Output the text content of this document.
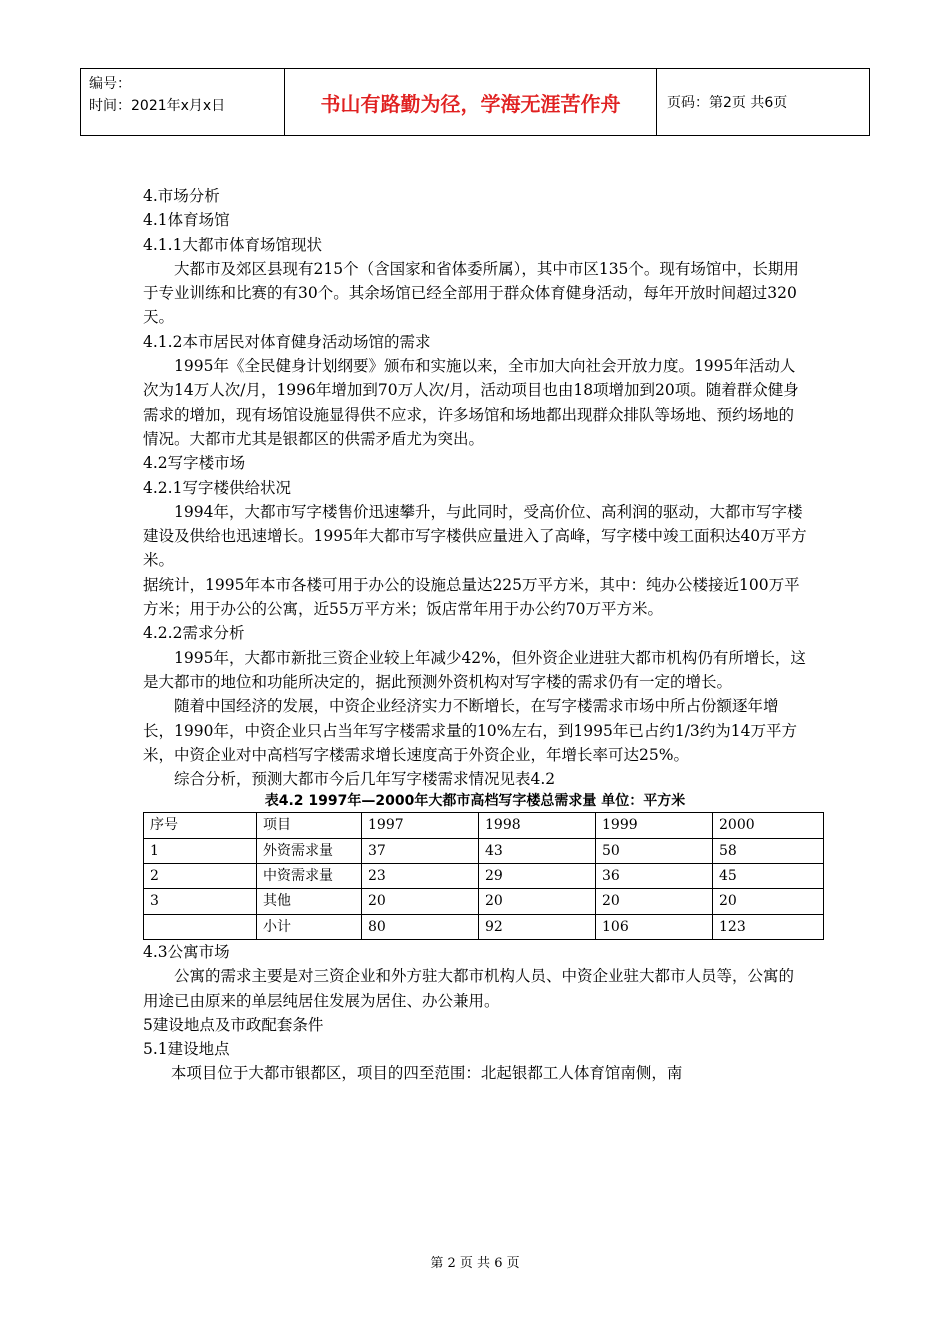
编号：
时间：2021年x月x日	书山有路勤为径，学海无涯苦作舟	页码：第2页 共6页

4.市场分析

4.1体育场馆

4.1.1大都市体育场馆现状

大都市及郊区县现有215个（含国家和省体委所属），其中市区135个。现有场馆中，长期用于专业训练和比赛的有30个。其余场馆已经全部用于群众体育健身活动，每年开放时间超过320天。

4.1.2本市居民对体育健身活动场馆的需求

1995年《全民健身计划纲要》颁布和实施以来，全市加大向社会开放力度。1995年活动人次为14万人次/月，1996年增加到70万人次/月，活动项目也由18项增加到20项。随着群众健身需求的增加，现有场馆设施显得供不应求，许多场馆和场地都出现群众排队等场地、预约场地的情况。大都市尤其是银都区的供需矛盾尤为突出。

4.2写字楼市场

4.2.1写字楼供给状况

1994年，大都市写字楼售价迅速攀升，与此同时，受高价位、高利润的驱动，大都市写字楼建设及供给也迅速增长。1995年大都市写字楼供应量进入了高峰，写字楼中竣工面积达40万平方米。

据统计，1995年本市各楼可用于办公的设施总量达225万平方米，其中：纯办公楼接近100万平方米；用于办公的公寓，近55万平方米；饭店常年用于办公约70万平方米。

4.2.2需求分析

1995年，大都市新批三资企业较上年减少42%，但外资企业进驻大都市机构仍有所增长，这是大都市的地位和功能所决定的，据此预测外资机构对写字楼的需求仍有一定的增长。

随着中国经济的发展，中资企业经济实力不断增长，在写字楼需求市场中所占份额逐年增长，1990年，中资企业只占当年写字楼需求量的10%左右，到1995年已占约1/3约为14万平方米，中资企业对中高档写字楼需求增长速度高于外资企业，年增长率可达25%。

综合分析，预测大都市今后几年写字楼需求情况见表4.2

表4.2 1997年—2000年大都市高档写字楼总需求量 单位：平方米
序号	项目	1997	1998	1999	2000
1	外资需求量	37	43	50	58
2	中资需求量	23	29	36	45
3	其他	20	20	20	20
	小计	80	92	106	123

4.3公寓市场

公寓的需求主要是对三资企业和外方驻大都市机构人员、中资企业驻大都市人员等，公寓的用途已由原来的单层纯居住发展为居住、办公兼用。

5建设地点及市政配套条件

5.1建设地点

本项目位于大都市银都区，项目的四至范围：北起银都工人体育馆南侧，南

第 2 页 共 6 页
